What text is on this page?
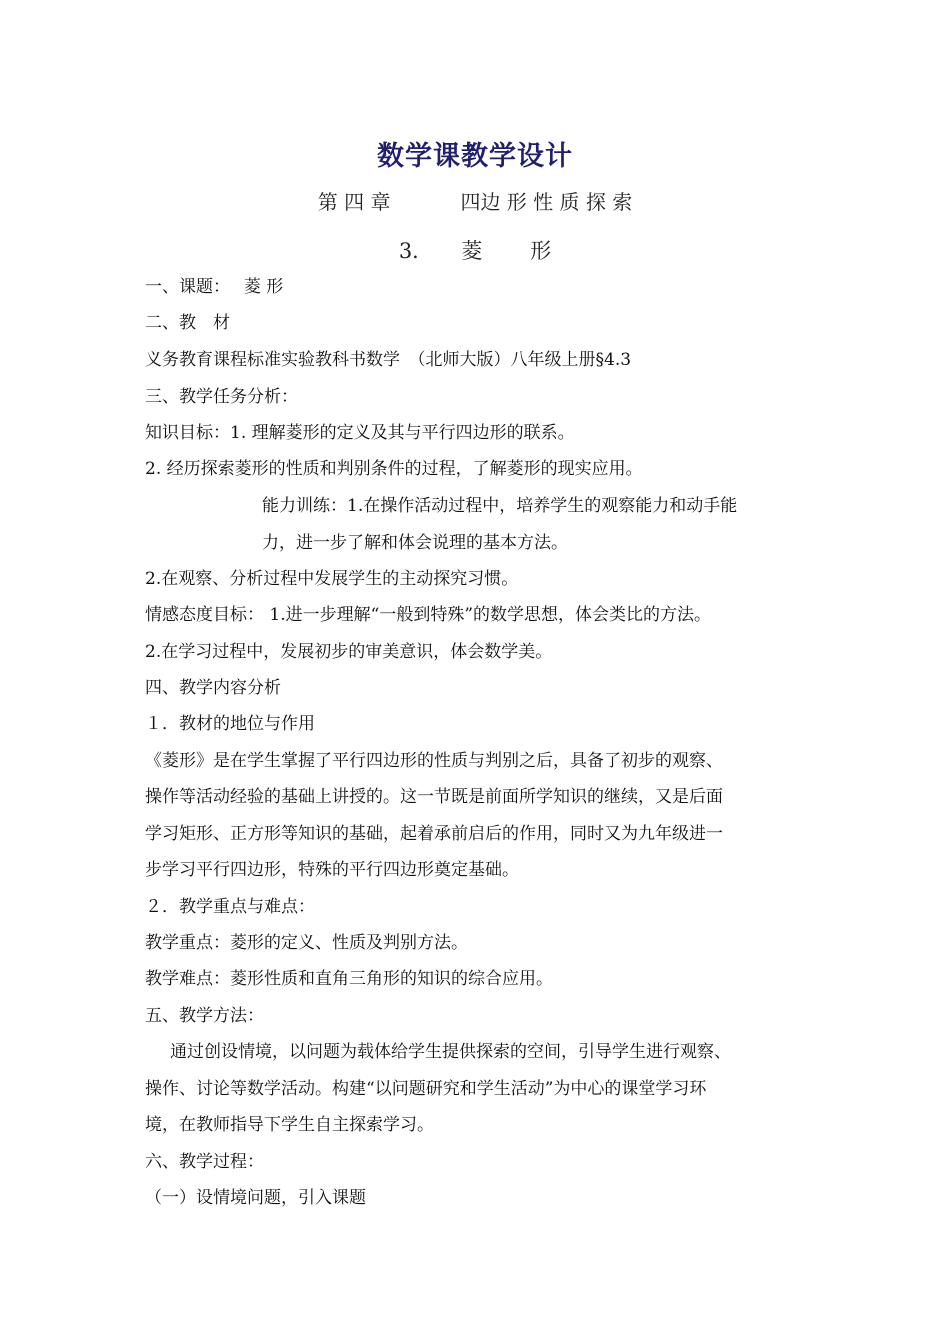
数学课教学设计
第 四 章	四边 形 性 质 探 索
3． 菱 形
一、课题：　 菱 形
二、教　材
义务教育课程标准实验教科书数学　（北师大版）八年级上册§4.3
三、教学任务分析：
知识目标：1. 理解菱形的定义及其与平行四边形的联系。
2. 经历探索菱形的性质和判别条件的过程，了解菱形的现实应用。
能力训练：1.在操作活动过程中，培养学生的观察能力和动手能
力，进一步了解和体会说理的基本方法。
2.在观察、分析过程中发展学生的主动探究习惯。
情感态度目标： 1.进一步理解“一般到特殊”的数学思想，体会类比的方法。
2.在学习过程中，发展初步的审美意识，体会数学美。
四、教学内容分析
１．教材的地位与作用
《菱形》是在学生掌握了平行四边形的性质与判别之后，具备了初步的观察、
操作等活动经验的基础上讲授的。这一节既是前面所学知识的继续，又是后面
学习矩形、正方形等知识的基础，起着承前启后的作用，同时又为九年级进一
步学习平行四边形，特殊的平行四边形奠定基础。
２．教学重点与难点：
教学重点：菱形的定义、性质及判别方法。
教学难点：菱形性质和直角三角形的知识的综合应用。
五、教学方法：
通过创设情境，以问题为载体给学生提供探索的空间，引导学生进行观察、
操作、讨论等数学活动。构建“以问题研究和学生活动”为中心的课堂学习环
境，在教师指导下学生自主探索学习。
六、教学过程：
（一）设情境问题，引入课题
